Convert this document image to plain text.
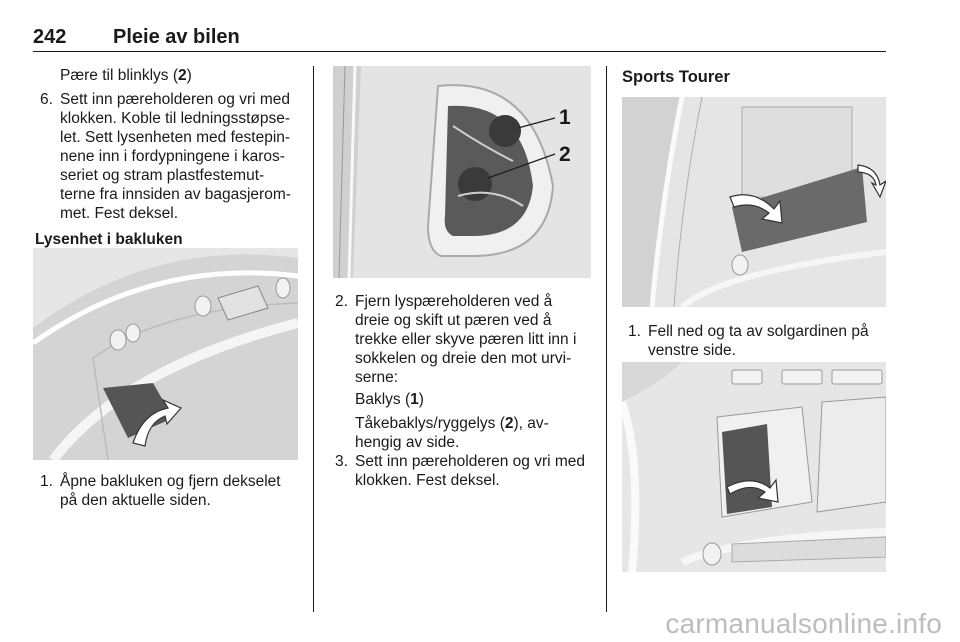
242 Pleie av bilen
Pære til blinklys (2)
6. Sett inn pæreholderen og vri med
klokken. Koble til ledningsstøpse-
let. Sett lysenheten med festepin-
nene inn i fordypningene i karos-
seriet og stram plastfestemut-
terne fra innsiden av bagasjerom-
met. Fest deksel.
Lysenhet i bakluken
1. Åpne bakluken og fjern dekselet
på den aktuelle siden.
1
2
2. Fjern lyspæreholderen ved å
dreie og skift ut pæren ved å
trekke eller skyve pæren litt inn i
sokkelen og dreie den mot urvi-
serne:
Baklys (1)
Tåkebaklys/ryggelys (2), av-
hengig av side.
3. Sett inn pæreholderen og vri med
klokken. Fest deksel.
Sports Tourer
1. Fell ned og ta av solgardinen på
venstre side.
carmanualsonline.info
